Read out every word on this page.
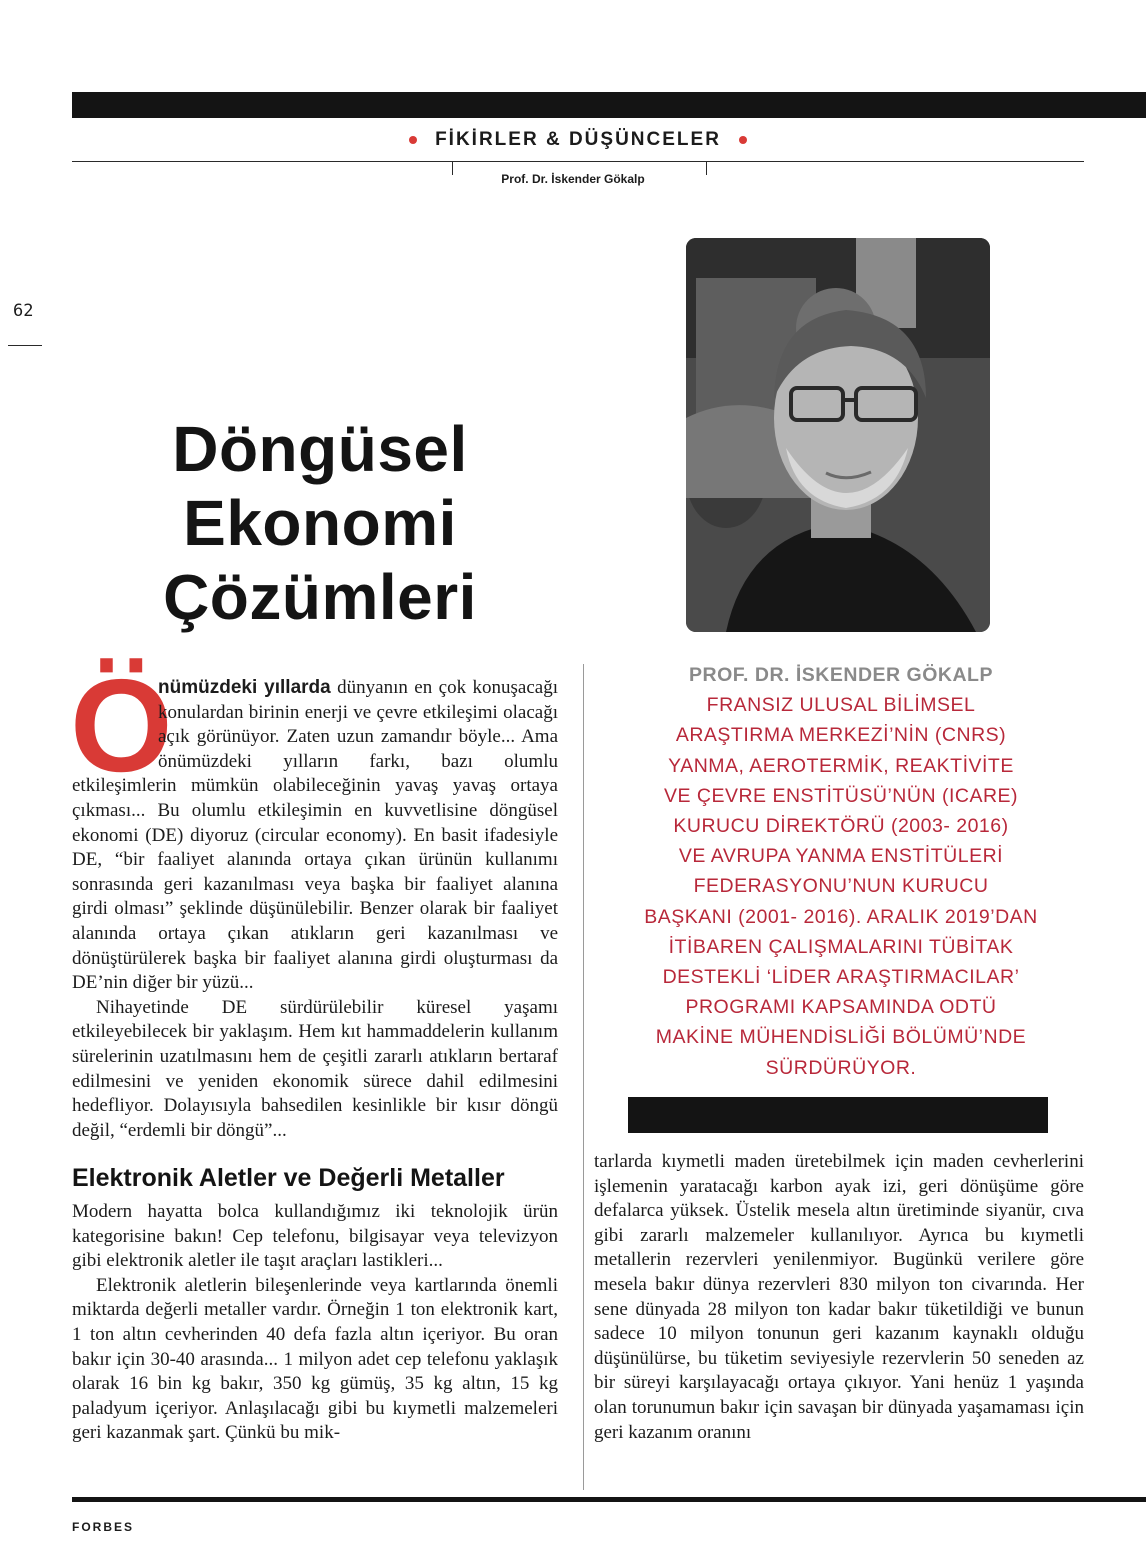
FİKİRLER & DÜŞÜNCELER
Prof. Dr. İskender Gökalp
62
Döngüsel
Ekonomi
Çözümleri
PROF. DR. İSKENDER GÖKALP
FRANSIZ ULUSAL BİLİMSEL
ARAŞTIRMA MERKEZİ’NİN (CNRS)
YANMA, AEROTERMİK, REAKTİVİTE
VE ÇEVRE ENSTİTÜSÜ’NÜN (ICARE)
KURUCU DİREKTÖRÜ (2003- 2016)
VE AVRUPA YANMA ENSTİTÜLERİ
FEDERASYONU’NUN KURUCU
BAŞKANI (2001- 2016). ARALIK 2019’DAN
İTİBAREN ÇALIŞMALARINI TÜBİTAK
DESTEKLİ ‘LİDER ARAŞTIRMACILAR’
PROGRAMI KAPSAMINDA ODTÜ
MAKİNE MÜHENDİSLİĞİ BÖLÜMÜ’NDE
SÜRDÜRÜYOR.
Ö
nümüzdeki yıllarda dünyanın en çok konuşacağı konulardan birinin enerji ve çevre etkileşimi olacağı açık görünüyor. Zaten uzun zamandır böyle... Ama önümüzdeki yılların farkı, bazı olumlu etkileşimlerin mümkün olabileceğinin yavaş yavaş ortaya çıkması... Bu olumlu etkileşimin en kuvvetlisine döngüsel ekonomi (DE) diyoruz (circular economy). En basit ifadesiyle DE, “bir faaliyet alanında ortaya çıkan ürünün kullanımı sonrasında geri kazanılması veya başka bir faaliyet alanına girdi olması” şeklinde düşünülebilir. Benzer olarak bir faaliyet alanında ortaya çıkan atıkların geri kazanılması ve dönüştürülerek başka bir faaliyet alanına girdi oluşturması da DE’nin diğer bir yüzü...
Nihayetinde DE sürdürülebilir küresel yaşamı etkileyebilecek bir yaklaşım. Hem kıt hammaddelerin kullanım sürelerinin uzatılmasını hem de çeşitli zararlı atıkların bertaraf edilmesini ve yeniden ekonomik sürece dahil edilmesini hedefliyor. Dolayısıyla bahsedilen kesinlikle bir kısır döngü değil, “erdemli bir döngü”...
Elektronik Aletler ve Değerli Metaller
Modern hayatta bolca kullandığımız iki teknolojik ürün kategorisine bakın! Cep telefonu, bilgisayar veya televizyon gibi elektronik aletler ile taşıt araçları lastikleri...
Elektronik aletlerin bileşenlerinde veya kartlarında önemli miktarda değerli metaller vardır. Örneğin 1 ton elektronik kart, 1 ton altın cevherinden 40 defa fazla altın içeriyor. Bu oran bakır için 30-40 arasında... 1 milyon adet cep telefonu yaklaşık olarak 16 bin kg bakır, 350 kg gümüş, 35 kg altın, 15 kg paladyum içeriyor. Anlaşılacağı gibi bu kıymetli malzemeleri geri kazanmak şart. Çünkü bu mik-
tarlarda kıymetli maden üretebilmek için maden cevherlerini işlemenin yaratacağı karbon ayak izi, geri dönüşüme göre defalarca yüksek. Üstelik mesela altın üretiminde siyanür, cıva gibi zararlı malzemeler kullanılıyor. Ayrıca bu kıymetli metallerin rezervleri yenilenmiyor. Bugünkü verilere göre mesela bakır dünya rezervleri 830 milyon ton civarında. Her sene dünyada 28 milyon ton kadar bakır tüketildiği ve bunun sadece 10 milyon tonunun geri kazanım kaynaklı olduğu düşünülürse, bu tüketim seviyesiyle rezervlerin 50 seneden az bir süreyi karşılayacağı ortaya çıkıyor. Yani henüz 1 yaşında olan torunumun bakır için savaşan bir dünyada yaşamaması için geri kazanım oranını
FORBES
